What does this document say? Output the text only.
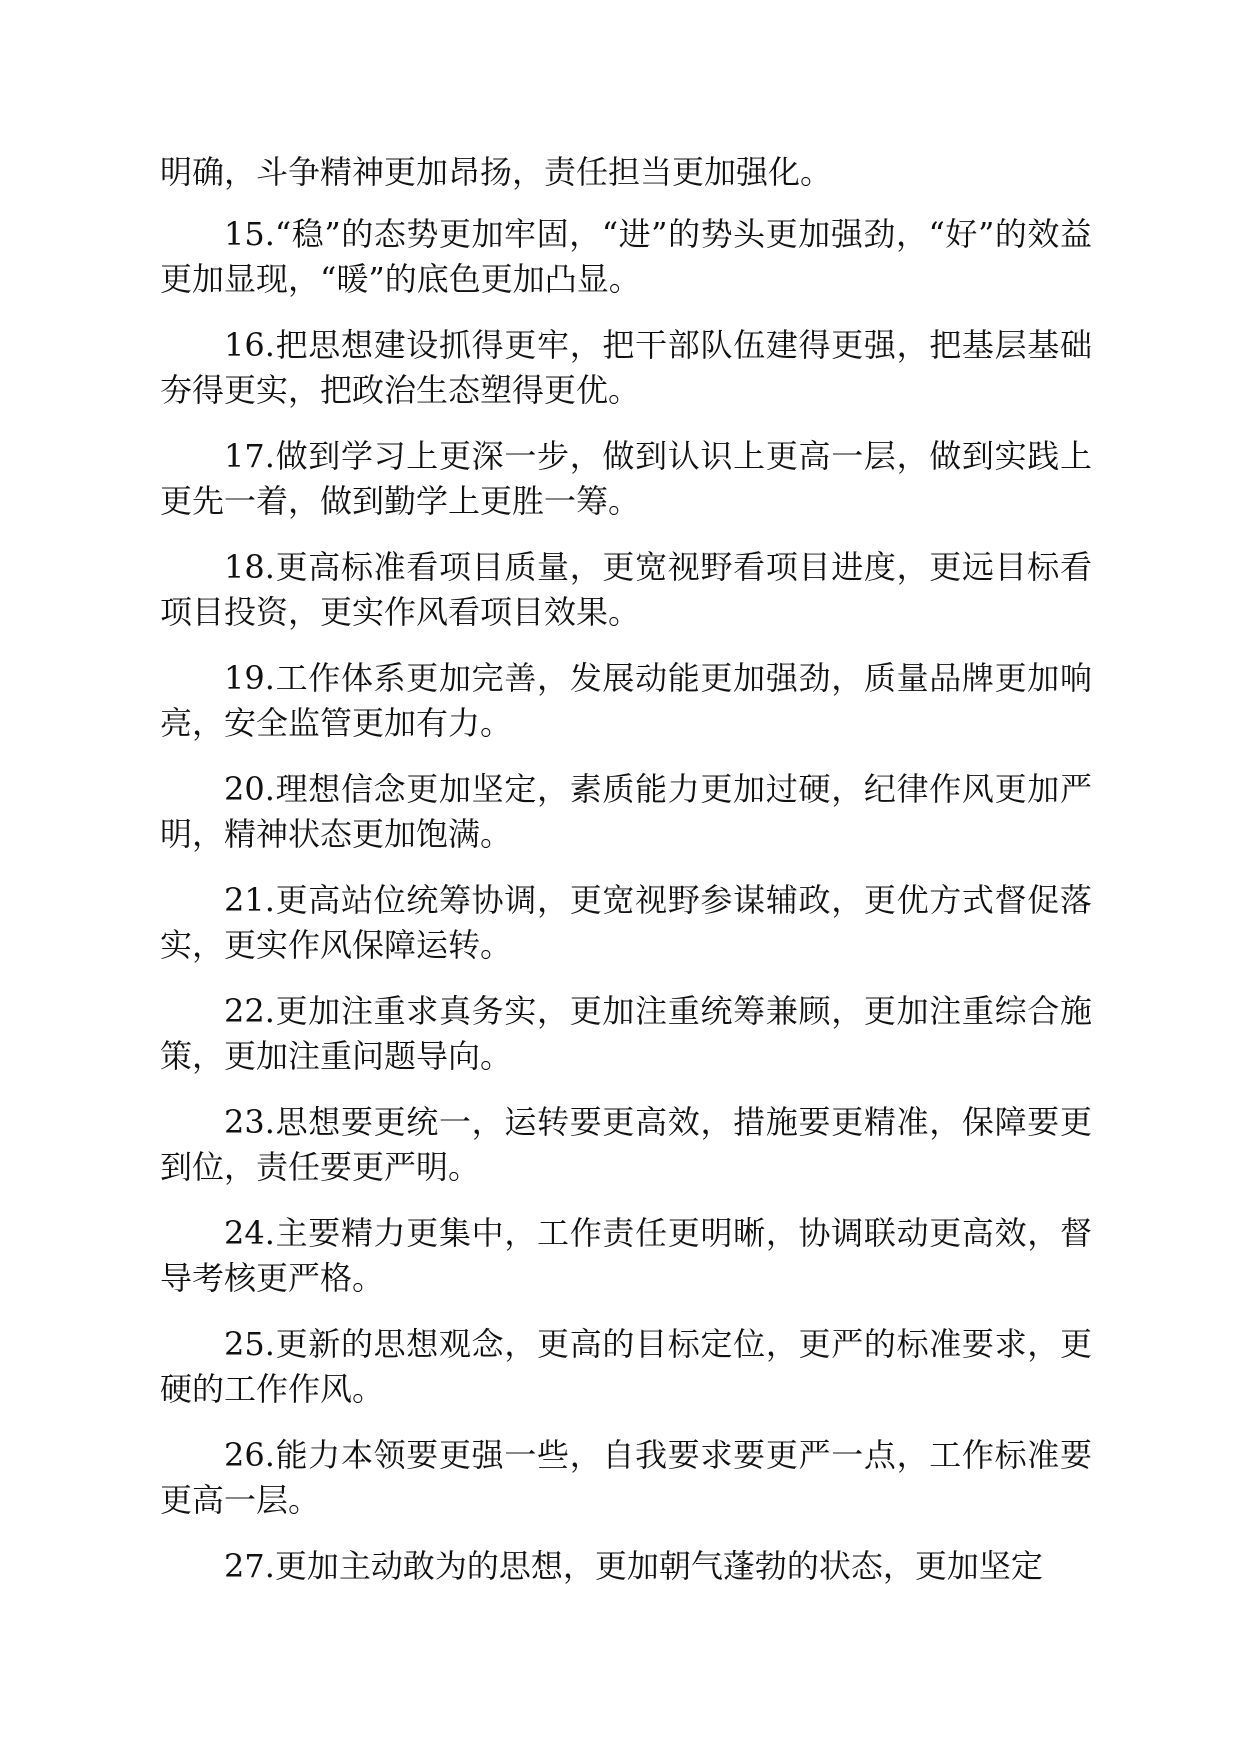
明确，斗争精神更加昂扬，责任担当更加强化。

15.“稳”的态势更加牢固，“进”的势头更加强劲，“好”的效益更加显现，“暖”的底色更加凸显。

16.把思想建设抓得更牢，把干部队伍建得更强，把基层基础夯得更实，把政治生态塑得更优。

17.做到学习上更深一步，做到认识上更高一层，做到实践上更先一着，做到勤学上更胜一筹。

18.更高标准看项目质量，更宽视野看项目进度，更远目标看项目投资，更实作风看项目效果。

19.工作体系更加完善，发展动能更加强劲，质量品牌更加响亮，安全监管更加有力。

20.理想信念更加坚定，素质能力更加过硬，纪律作风更加严明，精神状态更加饱满。

21.更高站位统筹协调，更宽视野参谋辅政，更优方式督促落实，更实作风保障运转。

22.更加注重求真务实，更加注重统筹兼顾，更加注重综合施策，更加注重问题导向。

23.思想要更统一，运转要更高效，措施要更精准，保障要更到位，责任要更严明。

24.主要精力更集中，工作责任更明晰，协调联动更高效，督导考核更严格。

25.更新的思想观念，更高的目标定位，更严的标准要求，更硬的工作作风。

26.能力本领要更强一些，自我要求要更严一点，工作标准要更高一层。

27.更加主动敢为的思想，更加朝气蓬勃的状态，更加坚定
